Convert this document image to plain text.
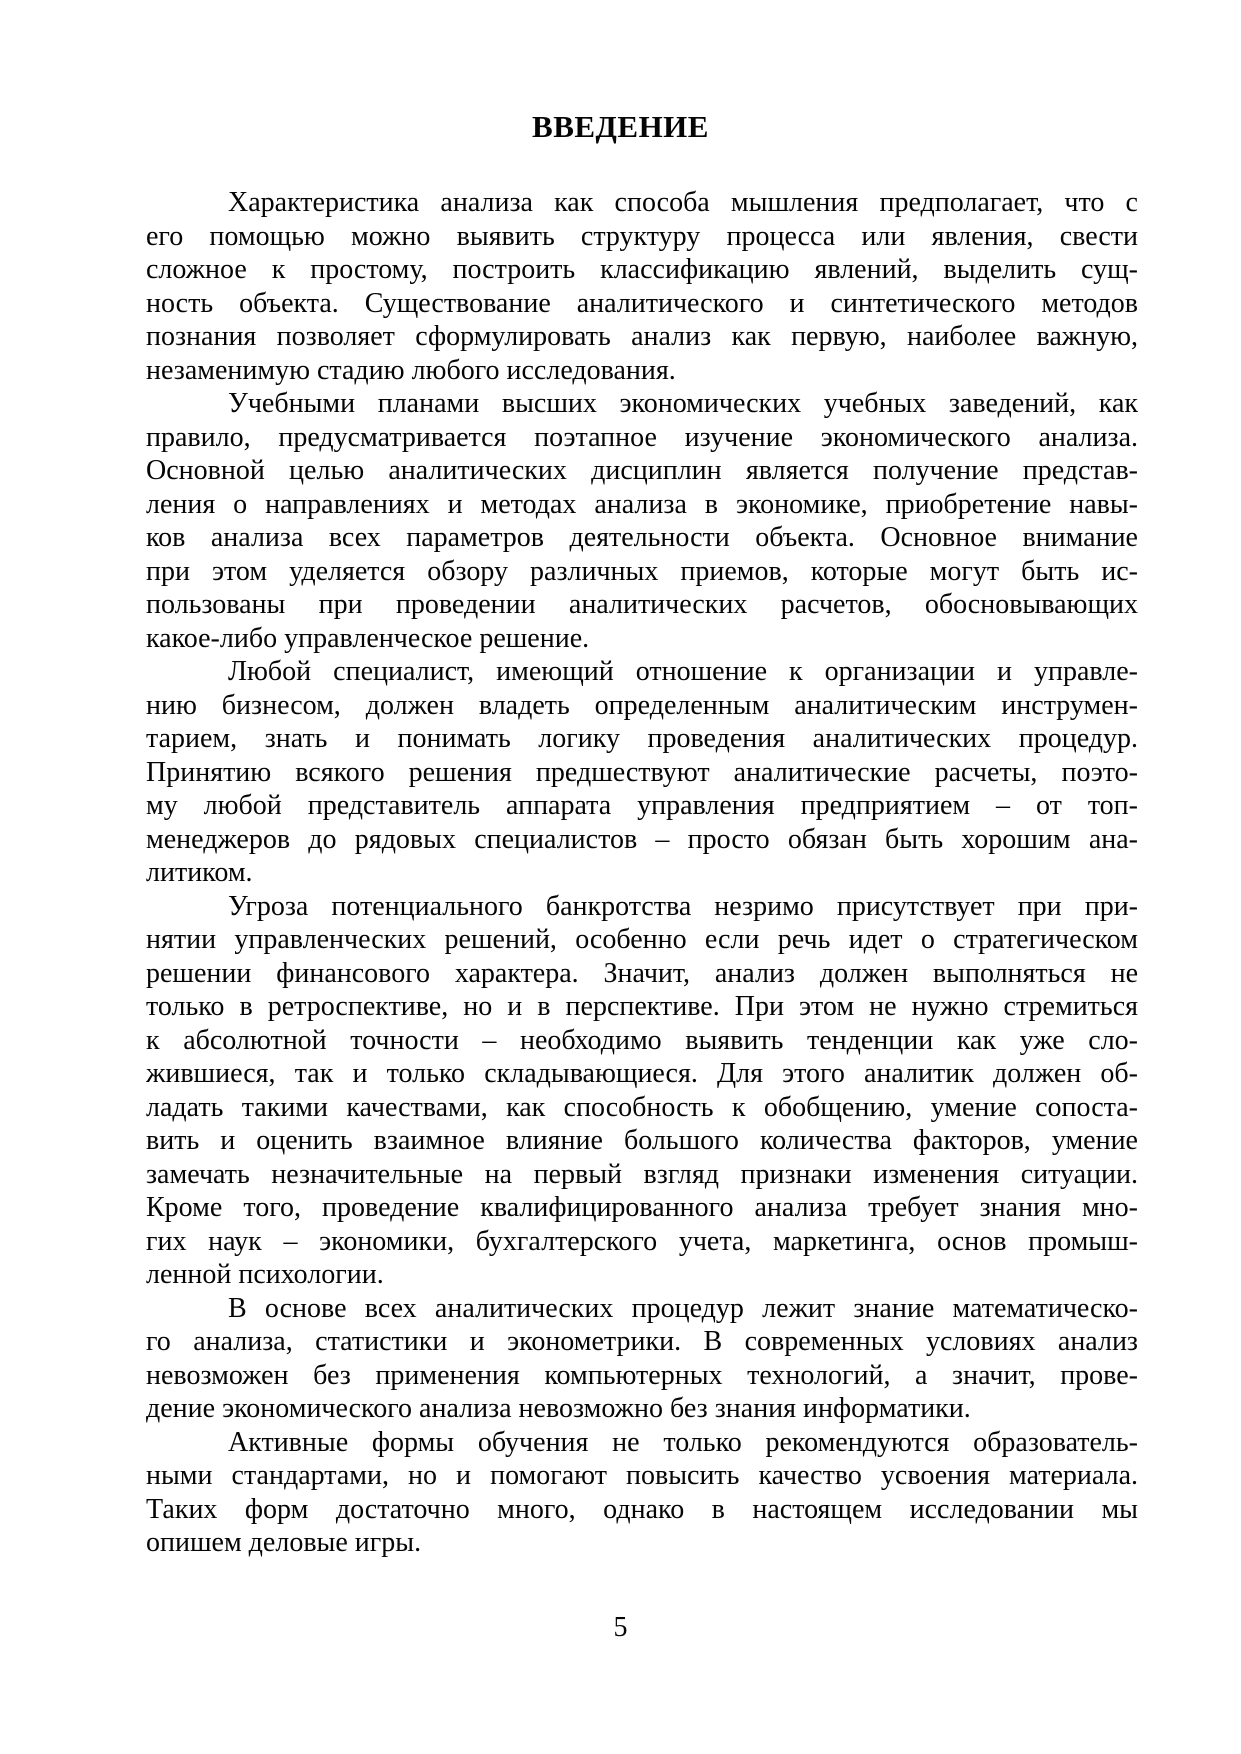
ВВЕДЕНИЕ
Характеристика анализа как способа мышления предполагает, что с
его помощью можно выявить структуру процесса или явления, свести
сложное к простому, построить классификацию явлений, выделить сущ-
ность объекта. Существование аналитического и синтетического методов
познания позволяет сформулировать анализ как первую, наиболее важную,
незаменимую стадию любого исследования.
Учебными планами высших экономических учебных заведений, как
правило, предусматривается поэтапное изучение экономического анализа.
Основной целью аналитических дисциплин является получение представ-
ления о направлениях и методах анализа в экономике, приобретение навы-
ков анализа всех параметров деятельности объекта. Основное внимание
при этом уделяется обзору различных приемов, которые могут быть ис-
пользованы при проведении аналитических расчетов, обосновывающих
какое-либо управленческое решение.
Любой специалист, имеющий отношение к организации и управле-
нию бизнесом, должен владеть определенным аналитическим инструмен-
тарием, знать и понимать логику проведения аналитических процедур.
Принятию всякого решения предшествуют аналитические расчеты, поэто-
му любой представитель аппарата управления предприятием – от топ-
менеджеров до рядовых специалистов – просто обязан быть хорошим ана-
литиком.
Угроза потенциального банкротства незримо присутствует при при-
нятии управленческих решений, особенно если речь идет о стратегическом
решении финансового характера. Значит, анализ должен выполняться не
только в ретроспективе, но и в перспективе. При этом не нужно стремиться
к абсолютной точности – необходимо выявить тенденции как уже сло-
жившиеся, так и только складывающиеся. Для этого аналитик должен об-
ладать такими качествами, как способность к обобщению, умение сопоста-
вить и оценить взаимное влияние большого количества факторов, умение
замечать незначительные на первый взгляд признаки изменения ситуации.
Кроме того, проведение квалифицированного анализа требует знания мно-
гих наук – экономики, бухгалтерского учета, маркетинга, основ промыш-
ленной психологии.
В основе всех аналитических процедур лежит знание математическо-
го анализа, статистики и эконометрики. В современных условиях анализ
невозможен без применения компьютерных технологий, а значит, прове-
дение экономического анализа невозможно без знания информатики.
Активные формы обучения не только рекомендуются образователь-
ными стандартами, но и помогают повысить качество усвоения материала.
Таких форм достаточно много, однако в настоящем исследовании мы
опишем деловые игры.
5
